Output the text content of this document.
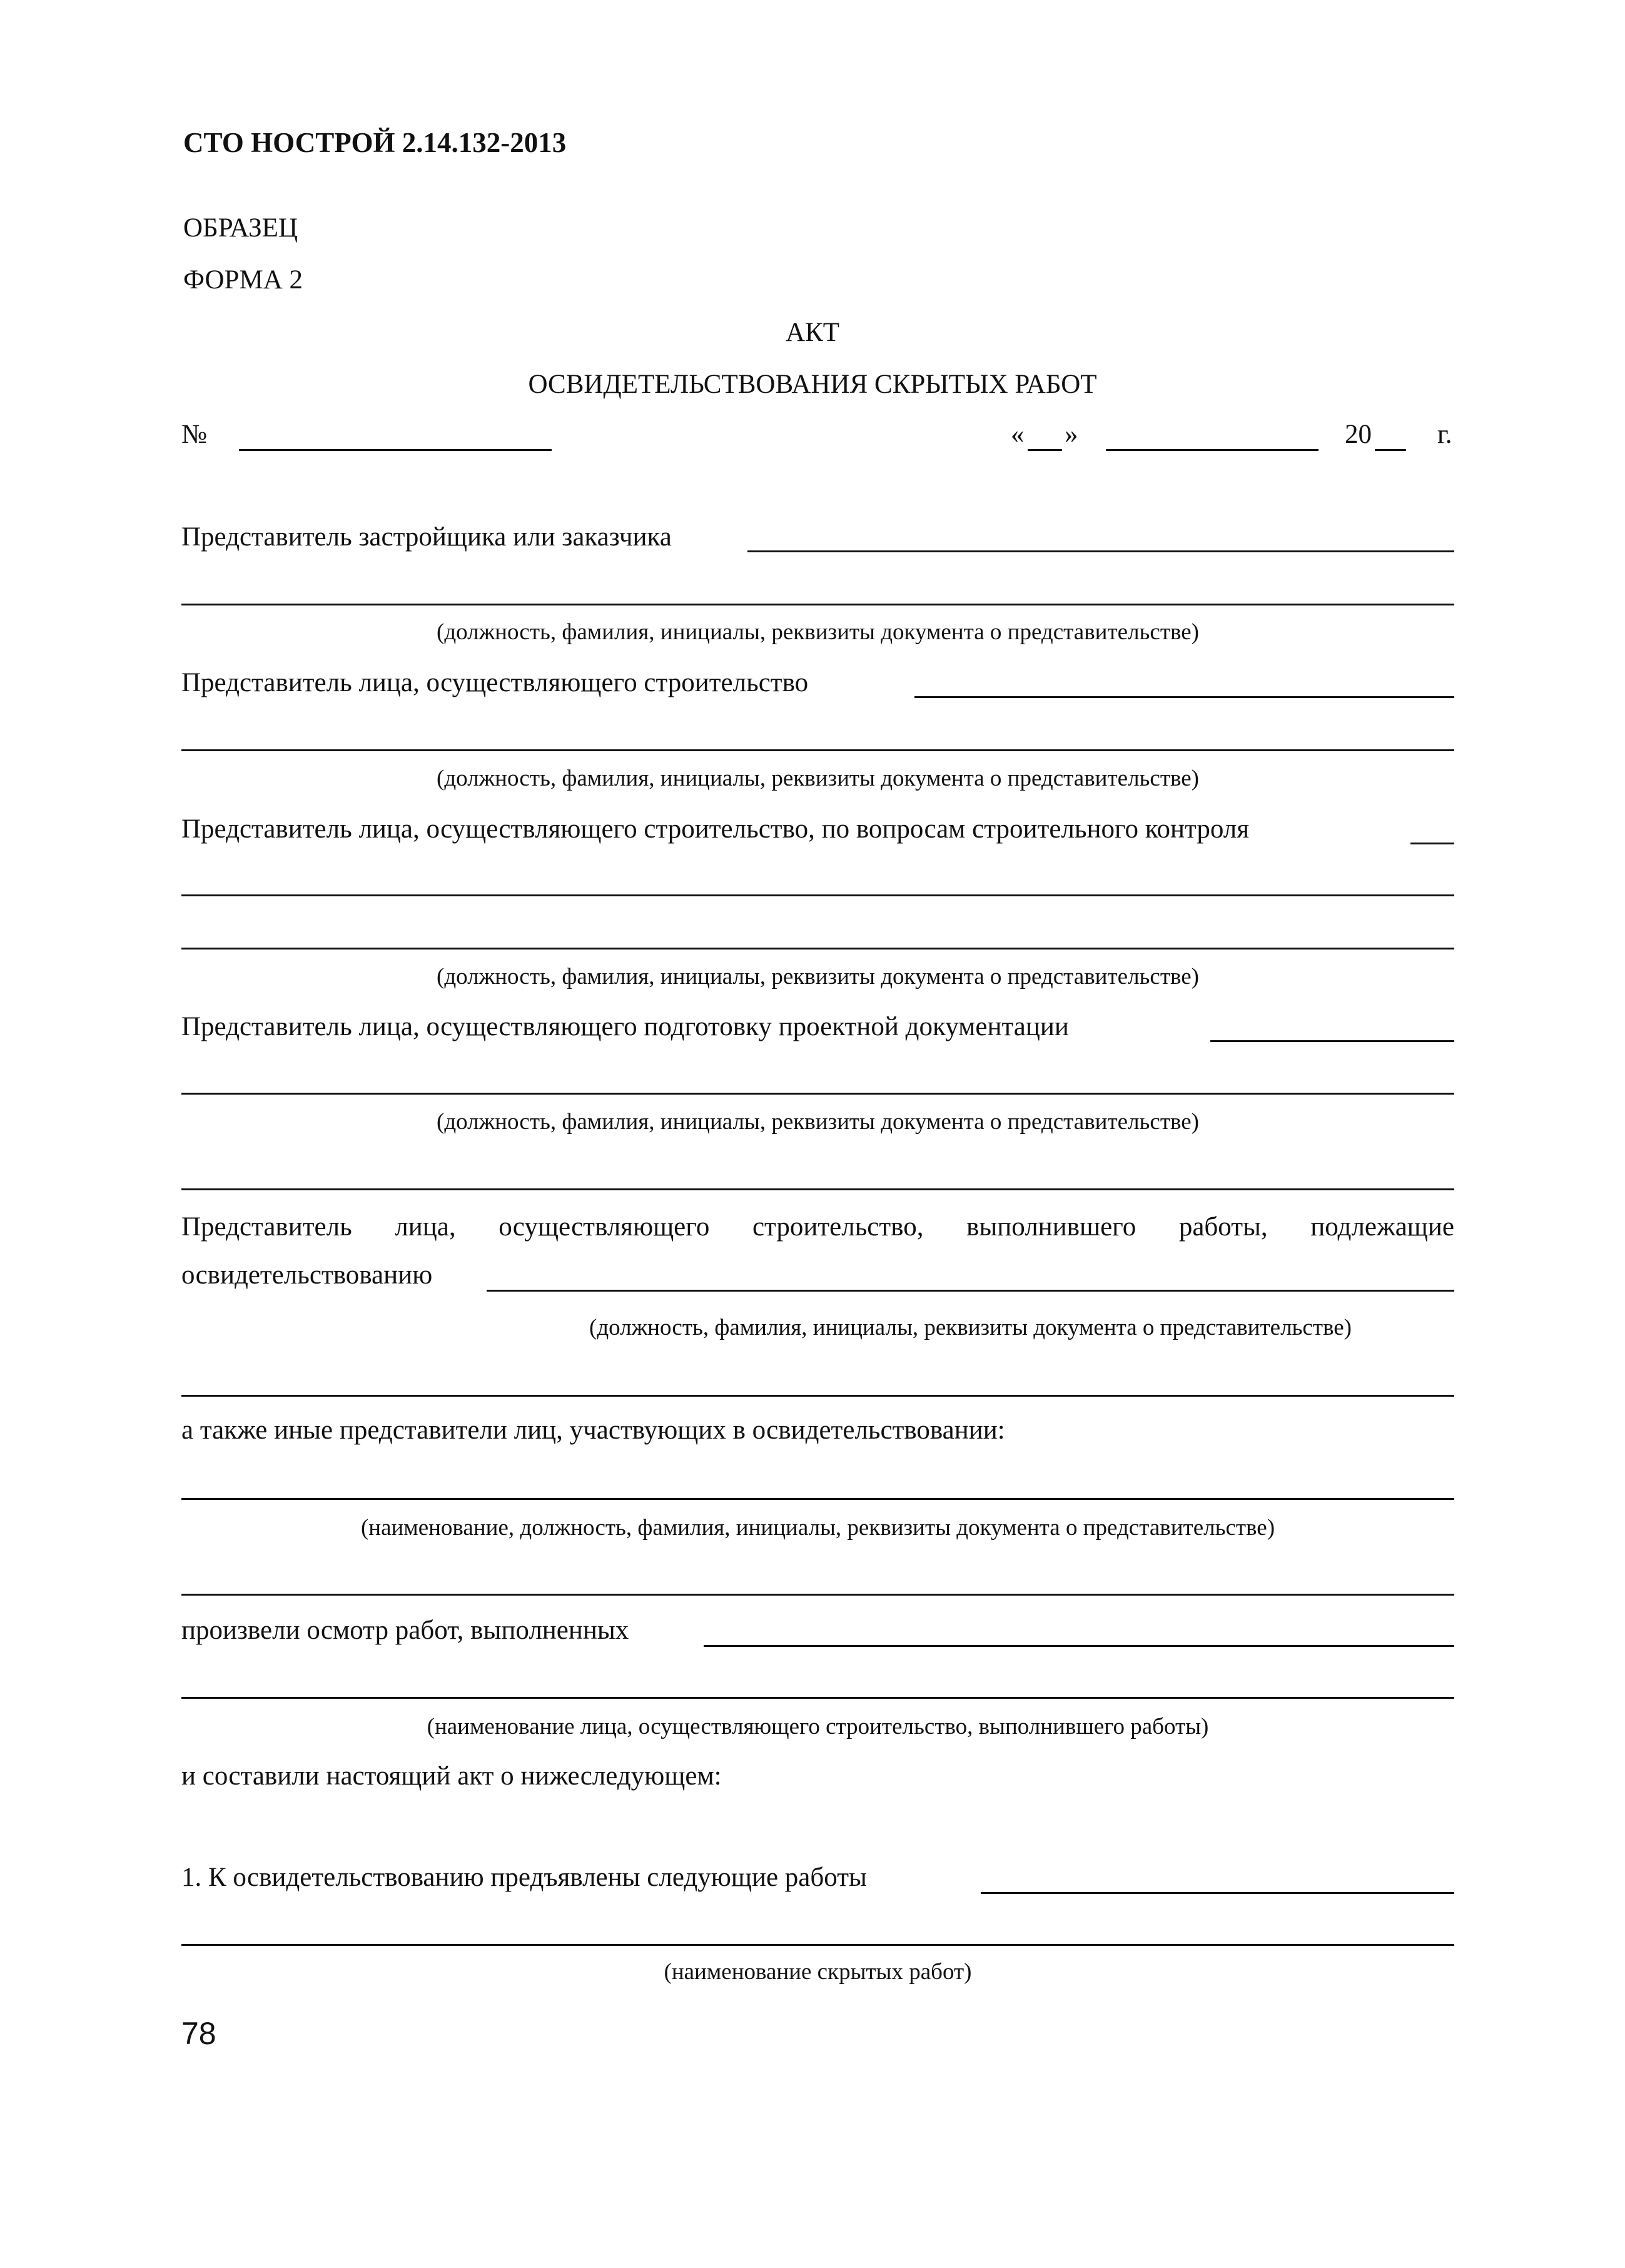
СТО НОСТРОЙ 2.14.132-2013
ОБРАЗЕЦ
ФОРМА 2
АКТ
ОСВИДЕТЕЛЬСТВОВАНИЯ СКРЫТЫХ РАБОТ
№	« »	20 г.
Представитель застройщика или заказчика
(должность, фамилия, инициалы, реквизиты документа о представительстве)
Представитель лица, осуществляющего строительство
(должность, фамилия, инициалы, реквизиты документа о представительстве)
Представитель лица, осуществляющего строительство, по вопросам строительного контроля
(должность, фамилия, инициалы, реквизиты документа о представительстве)
Представитель лица, осуществляющего подготовку проектной документации
(должность, фамилия, инициалы, реквизиты документа о представительстве)
Представитель лица, осуществляющего строительство, выполнившего работы, подлежащие
освидетельствованию
(должность, фамилия, инициалы, реквизиты документа о представительстве)
а также иные представители лиц, участвующих в освидетельствовании:
(наименование, должность, фамилия, инициалы, реквизиты документа о представительстве)
произвели осмотр работ, выполненных
(наименование лица, осуществляющего строительство, выполнившего работы)
и составили настоящий акт о нижеследующем:
1. К освидетельствованию предъявлены следующие работы
(наименование скрытых работ)
78
